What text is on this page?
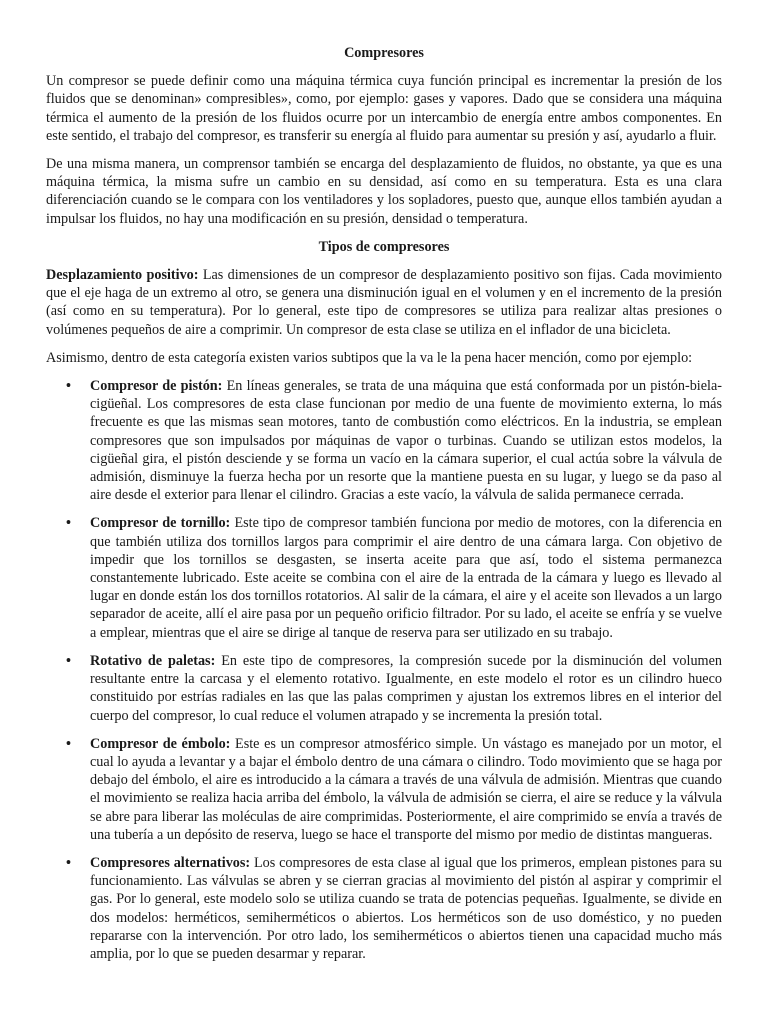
Compresores

Un compresor se puede definir como una máquina térmica cuya función principal es incrementar la presión de los fluidos que se denominan» compresibles», como, por ejemplo: gases y vapores. Dado que se considera una máquina térmica el aumento de la presión de los fluidos ocurre por un intercambio de energía entre ambos componentes. En este sentido, el trabajo del compresor, es transferir su energía al fluido para aumentar su presión y así, ayudarlo a fluir.

De una misma manera, un comprensor también se encarga del desplazamiento de fluidos, no obstante, ya que es una máquina térmica, la misma sufre un cambio en su densidad, así como en su temperatura. Esta es una clara diferenciación cuando se le compara con los ventiladores y los sopladores, puesto que, aunque ellos también ayudan a impulsar los fluidos, no hay una modificación en su presión, densidad o temperatura.

Tipos de compresores

Desplazamiento positivo: Las dimensiones de un compresor de desplazamiento positivo son fijas. Cada movimiento que el eje haga de un extremo al otro, se genera una disminución igual en el volumen y en el incremento de la presión (así como en su temperatura). Por lo general, este tipo de compresores se utiliza para realizar altas presiones o volúmenes pequeños de aire a comprimir. Un compresor de esta clase se utiliza en el inflador de una bicicleta.

Asimismo, dentro de esta categoría existen varios subtipos que la va le la pena hacer mención, como por ejemplo:

• Compresor de pistón: En líneas generales, se trata de una máquina que está conformada por un pistón-biela-cigüeñal. Los compresores de esta clase funcionan por medio de una fuente de movimiento externa, lo más frecuente es que las mismas sean motores, tanto de combustión como eléctricos. En la industria, se emplean compresores que son impulsados por máquinas de vapor o turbinas. Cuando se utilizan estos modelos, la cigüeñal gira, el pistón desciende y se forma un vacío en la cámara superior, el cual actúa sobre la válvula de admisión, disminuye la fuerza hecha por un resorte que la mantiene puesta en su lugar, y luego se da paso al aire desde el exterior para llenar el cilindro. Gracias a este vacío, la válvula de salida permanece cerrada.
• Compresor de tornillo: Este tipo de compresor también funciona por medio de motores, con la diferencia en que también utiliza dos tornillos largos para comprimir el aire dentro de una cámara larga. Con objetivo de impedir que los tornillos se desgasten, se inserta aceite para que así, todo el sistema permanezca constantemente lubricado. Este aceite se combina con el aire de la entrada de la cámara y luego es llevado al lugar en donde están los dos tornillos rotatorios. Al salir de la cámara, el aire y el aceite son llevados a un largo separador de aceite, allí el aire pasa por un pequeño orificio filtrador. Por su lado, el aceite se enfría y se vuelve a emplear, mientras que el aire se dirige al tanque de reserva para ser utilizado en su trabajo.
• Rotativo de paletas: En este tipo de compresores, la compresión sucede por la disminución del volumen resultante entre la carcasa y el elemento rotativo. Igualmente, en este modelo el rotor es un cilindro hueco constituido por estrías radiales en las que las palas comprimen y ajustan los extremos libres en el interior del cuerpo del compresor, lo cual reduce el volumen atrapado y se incrementa la presión total.
• Compresor de émbolo: Este es un compresor atmosférico simple. Un vástago es manejado por un motor, el cual lo ayuda a levantar y a bajar el émbolo dentro de una cámara o cilindro. Todo movimiento que se haga por debajo del émbolo, el aire es introducido a la cámara a través de una válvula de admisión. Mientras que cuando el movimiento se realiza hacia arriba del émbolo, la válvula de admisión se cierra, el aire se reduce y la válvula se abre para liberar las moléculas de aire comprimidas. Posteriormente, el aire comprimido se envía a través de una tubería a un depósito de reserva, luego se hace el transporte del mismo por medio de distintas mangueras.
• Compresores alternativos: Los compresores de esta clase al igual que los primeros, emplean pistones para su funcionamiento. Las válvulas se abren y se cierran gracias al movimiento del pistón al aspirar y comprimir el gas. Por lo general, este modelo solo se utiliza cuando se trata de potencias pequeñas. Igualmente, se divide en dos modelos: herméticos, semiherméticos o abiertos. Los herméticos son de uso doméstico, y no pueden repararse con la intervención. Por otro lado, los semiherméticos o abiertos tienen una capacidad mucho más amplia, por lo que se pueden desarmar y reparar.
